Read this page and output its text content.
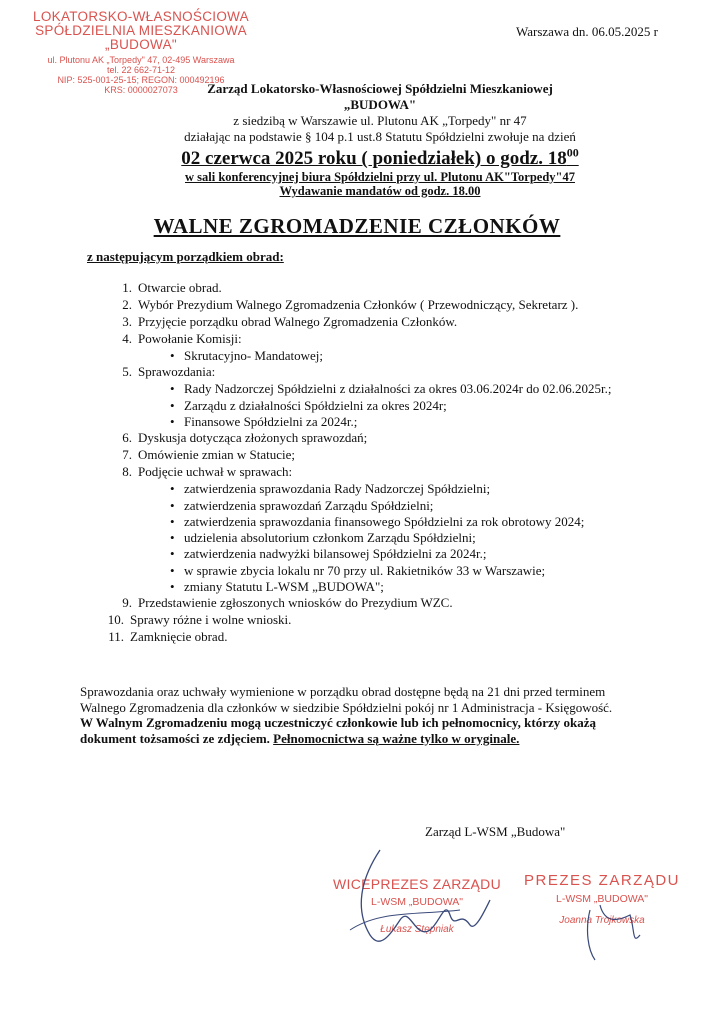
LOKATORSKO-WŁASNOŚCIOWA
SPÓŁDZIELNIA MIESZKANIOWA
„BUDOWA"
ul. Plutonu AK „Torpedy" 47, 02-495 Warszawa
tel. 22 662-71-12
NIP: 525-001-25-15; REGON: 000492196
KRS: 0000027073
Warszawa dn. 06.05.2025 r
Zarząd Lokatorsko-Własnościowej Spółdzielni Mieszkaniowej
„BUDOWA"
z siedzibą w Warszawie ul. Plutonu AK „Torpedy" nr 47
działając na podstawie § 104 p.1 ust.8 Statutu Spółdzielni zwołuje na dzień
02 czerwca 2025 roku ( poniedziałek) o godz. $18^{00}$
w sali konferencyjnej biura Spółdzielni przy ul. Plutonu AK"Torpedy"47
Wydawanie mandatów od godz. 18.00
WALNE ZGROMADZENIE CZŁONKÓW
z następującym porządkiem obrad:
1. Otwarcie obrad.
2. Wybór Prezydium Walnego Zgromadzenia Członków ( Przewodniczący, Sekretarz ).
3. Przyjęcie porządku obrad Walnego Zgromadzenia Członków.
4. Powołanie Komisji:
• Skrutacyjno- Mandatowej;
5. Sprawozdania:
• Rady Nadzorczej Spółdzielni z działalności za okres 03.06.2024r do 02.06.2025r.;
• Zarządu z działalności Spółdzielni za okres 2024r;
• Finansowe Spółdzielni za 2024r.;
6. Dyskusja dotycząca złożonych sprawozdań;
7. Omówienie zmian w Statucie;
8. Podjęcie uchwał w sprawach:
• zatwierdzenia sprawozdania Rady Nadzorczej Spółdzielni;
• zatwierdzenia sprawozdań Zarządu Spółdzielni;
• zatwierdzenia sprawozdania finansowego Spółdzielni za rok obrotowy 2024;
• udzielenia absolutorium członkom Zarządu Spółdzielni;
• zatwierdzenia nadwyżki bilansowej Spółdzielni za 2024r.;
• w sprawie zbycia lokalu nr 70 przy ul. Rakietników 33 w Warszawie;
• zmiany Statutu L-WSM „BUDOWA";
9. Przedstawienie zgłoszonych wniosków do Prezydium WZC.
10. Sprawy różne i wolne wnioski.
11. Zamknięcie obrad.
Sprawozdania oraz uchwały wymienione w porządku obrad dostępne będą na 21 dni przed terminem
Walnego Zgromadzenia dla członków w siedzibie Spółdzielni pokój nr 1 Administracja - Księgowość.
W Walnym Zgromadzeniu mogą uczestniczyć członkowie lub ich pełnomocnicy, którzy okażą
dokument tożsamości ze zdjęciem. Pełnomocnictwa są ważne tylko w oryginale.
Zarząd L-WSM „Budowa"
WICEPREZES ZARZĄDU
L-WSM „BUDOWA"
Łukasz Stępniak
PREZES ZARZĄDU
L-WSM „BUDOWA"
Joanna Trojkowska
